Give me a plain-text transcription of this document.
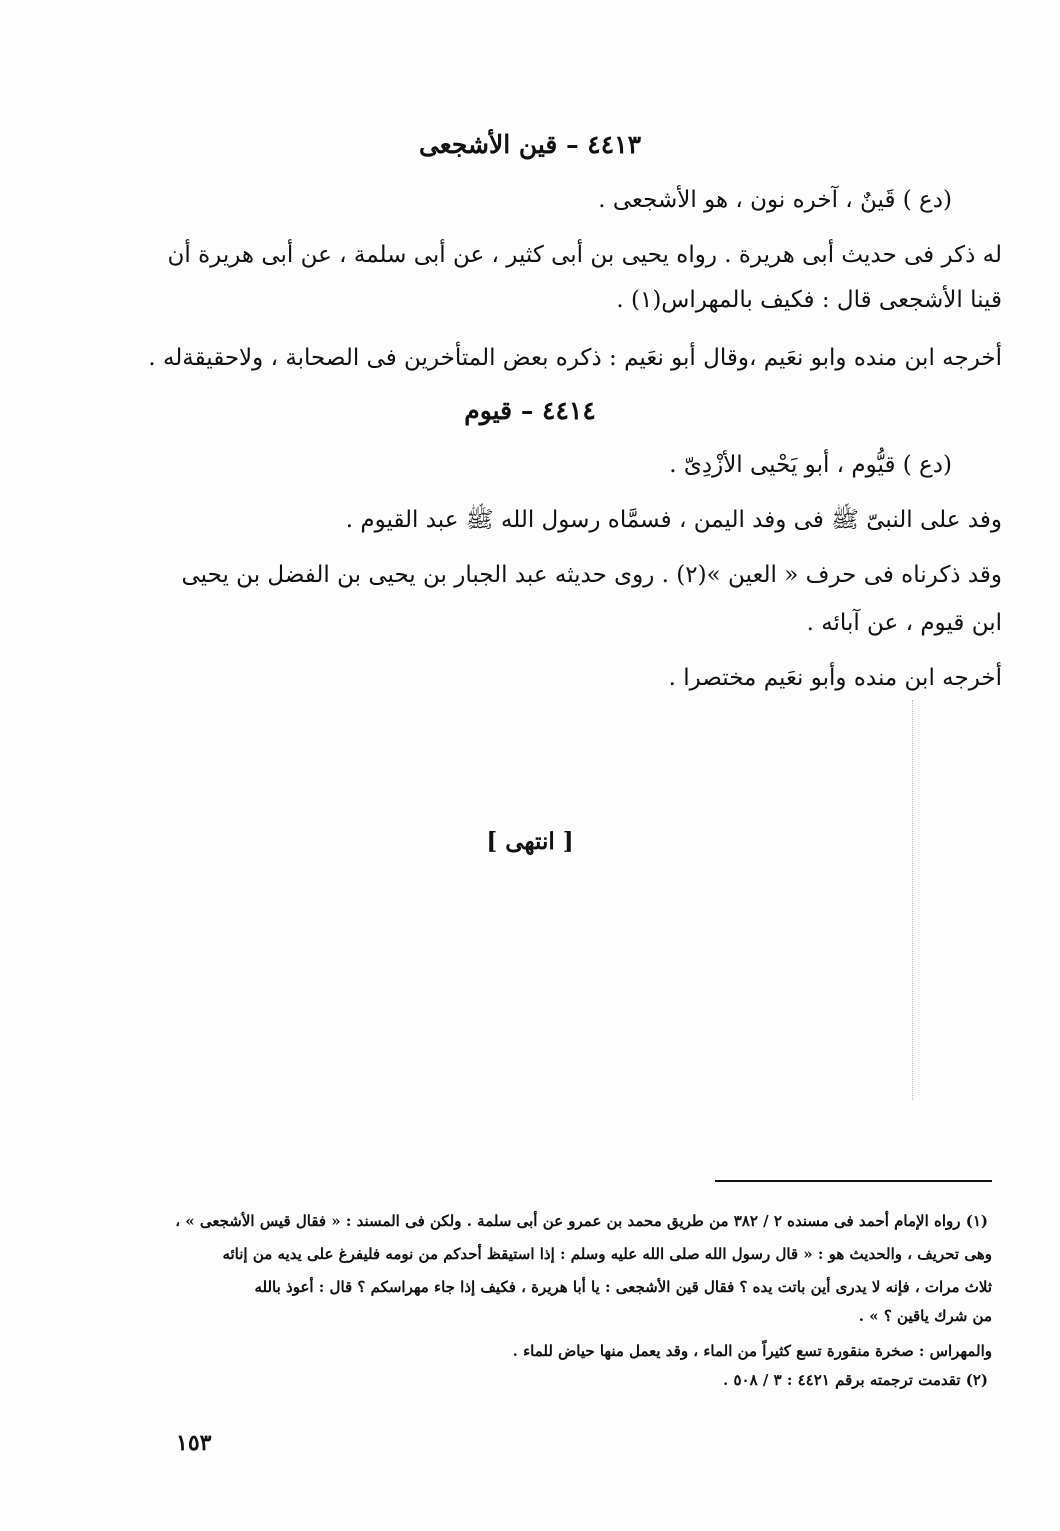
٤٤١٣ – قين الأشجعى
(دع ) قَينٌ ، آخره نون ، هو الأشجعى .
له ذكر فى حديث أبى هريرة . رواه يحيى بن أبى كثير ، عن أبى سلمة ، عن أبى هريرة أن
قينا الأشجعى قال : فكيف بالمهراس(١) .
أخرجه ابن منده وابو نعَيم ،وقال أبو نعَيم : ذكره بعض المتأخرين فى الصحابة ، ولاحقيقةله .
٤٤١٤ – قيوم
(دع ) قيُّوم ، أبو يَحْيى الأزْدِىّ .
وفد على النبىّ ﷺ فى وفد اليمن ، فسمَّاه رسول الله ﷺ عبد القيوم .
وقد ذكرناه فى حرف « العين »(٢) . روى حديثه عبد الجبار بن يحيى بن الفضل بن يحيى
ابن قيوم ، عن آبائه .
أخرجه ابن منده وأبو نعَيم مختصرا .
[ انتهى ]
(١) رواه الإمام أحمد فى مسنده ٢ / ٣٨٢ من طريق محمد بن عمرو عن أبى سلمة . ولكن فى المسند : « فقال قيس الأشجعى » ،
وهى تحريف ، والحديث هو : « قال رسول الله صلى الله عليه وسلم : إذا استيقظ أحدكم من نومه فليفرغ على يديه من إنائه
ثلاث مرات ، فإنه لا يدرى أين باتت يده ؟ فقال قين الأشجعى : يا أبا هريرة ، فكيف إذا جاء مهراسكم ؟ قال : أعوذ بالله
من شرك ياقين ؟ » .
والمهراس : صخرة منقورة تسع كثيراً من الماء ، وقد يعمل منها حياض للماء .
(٢) تقدمت ترجمته برقم ٤٤٢١ : ٣ / ٥٠٨ .
١٥٣
